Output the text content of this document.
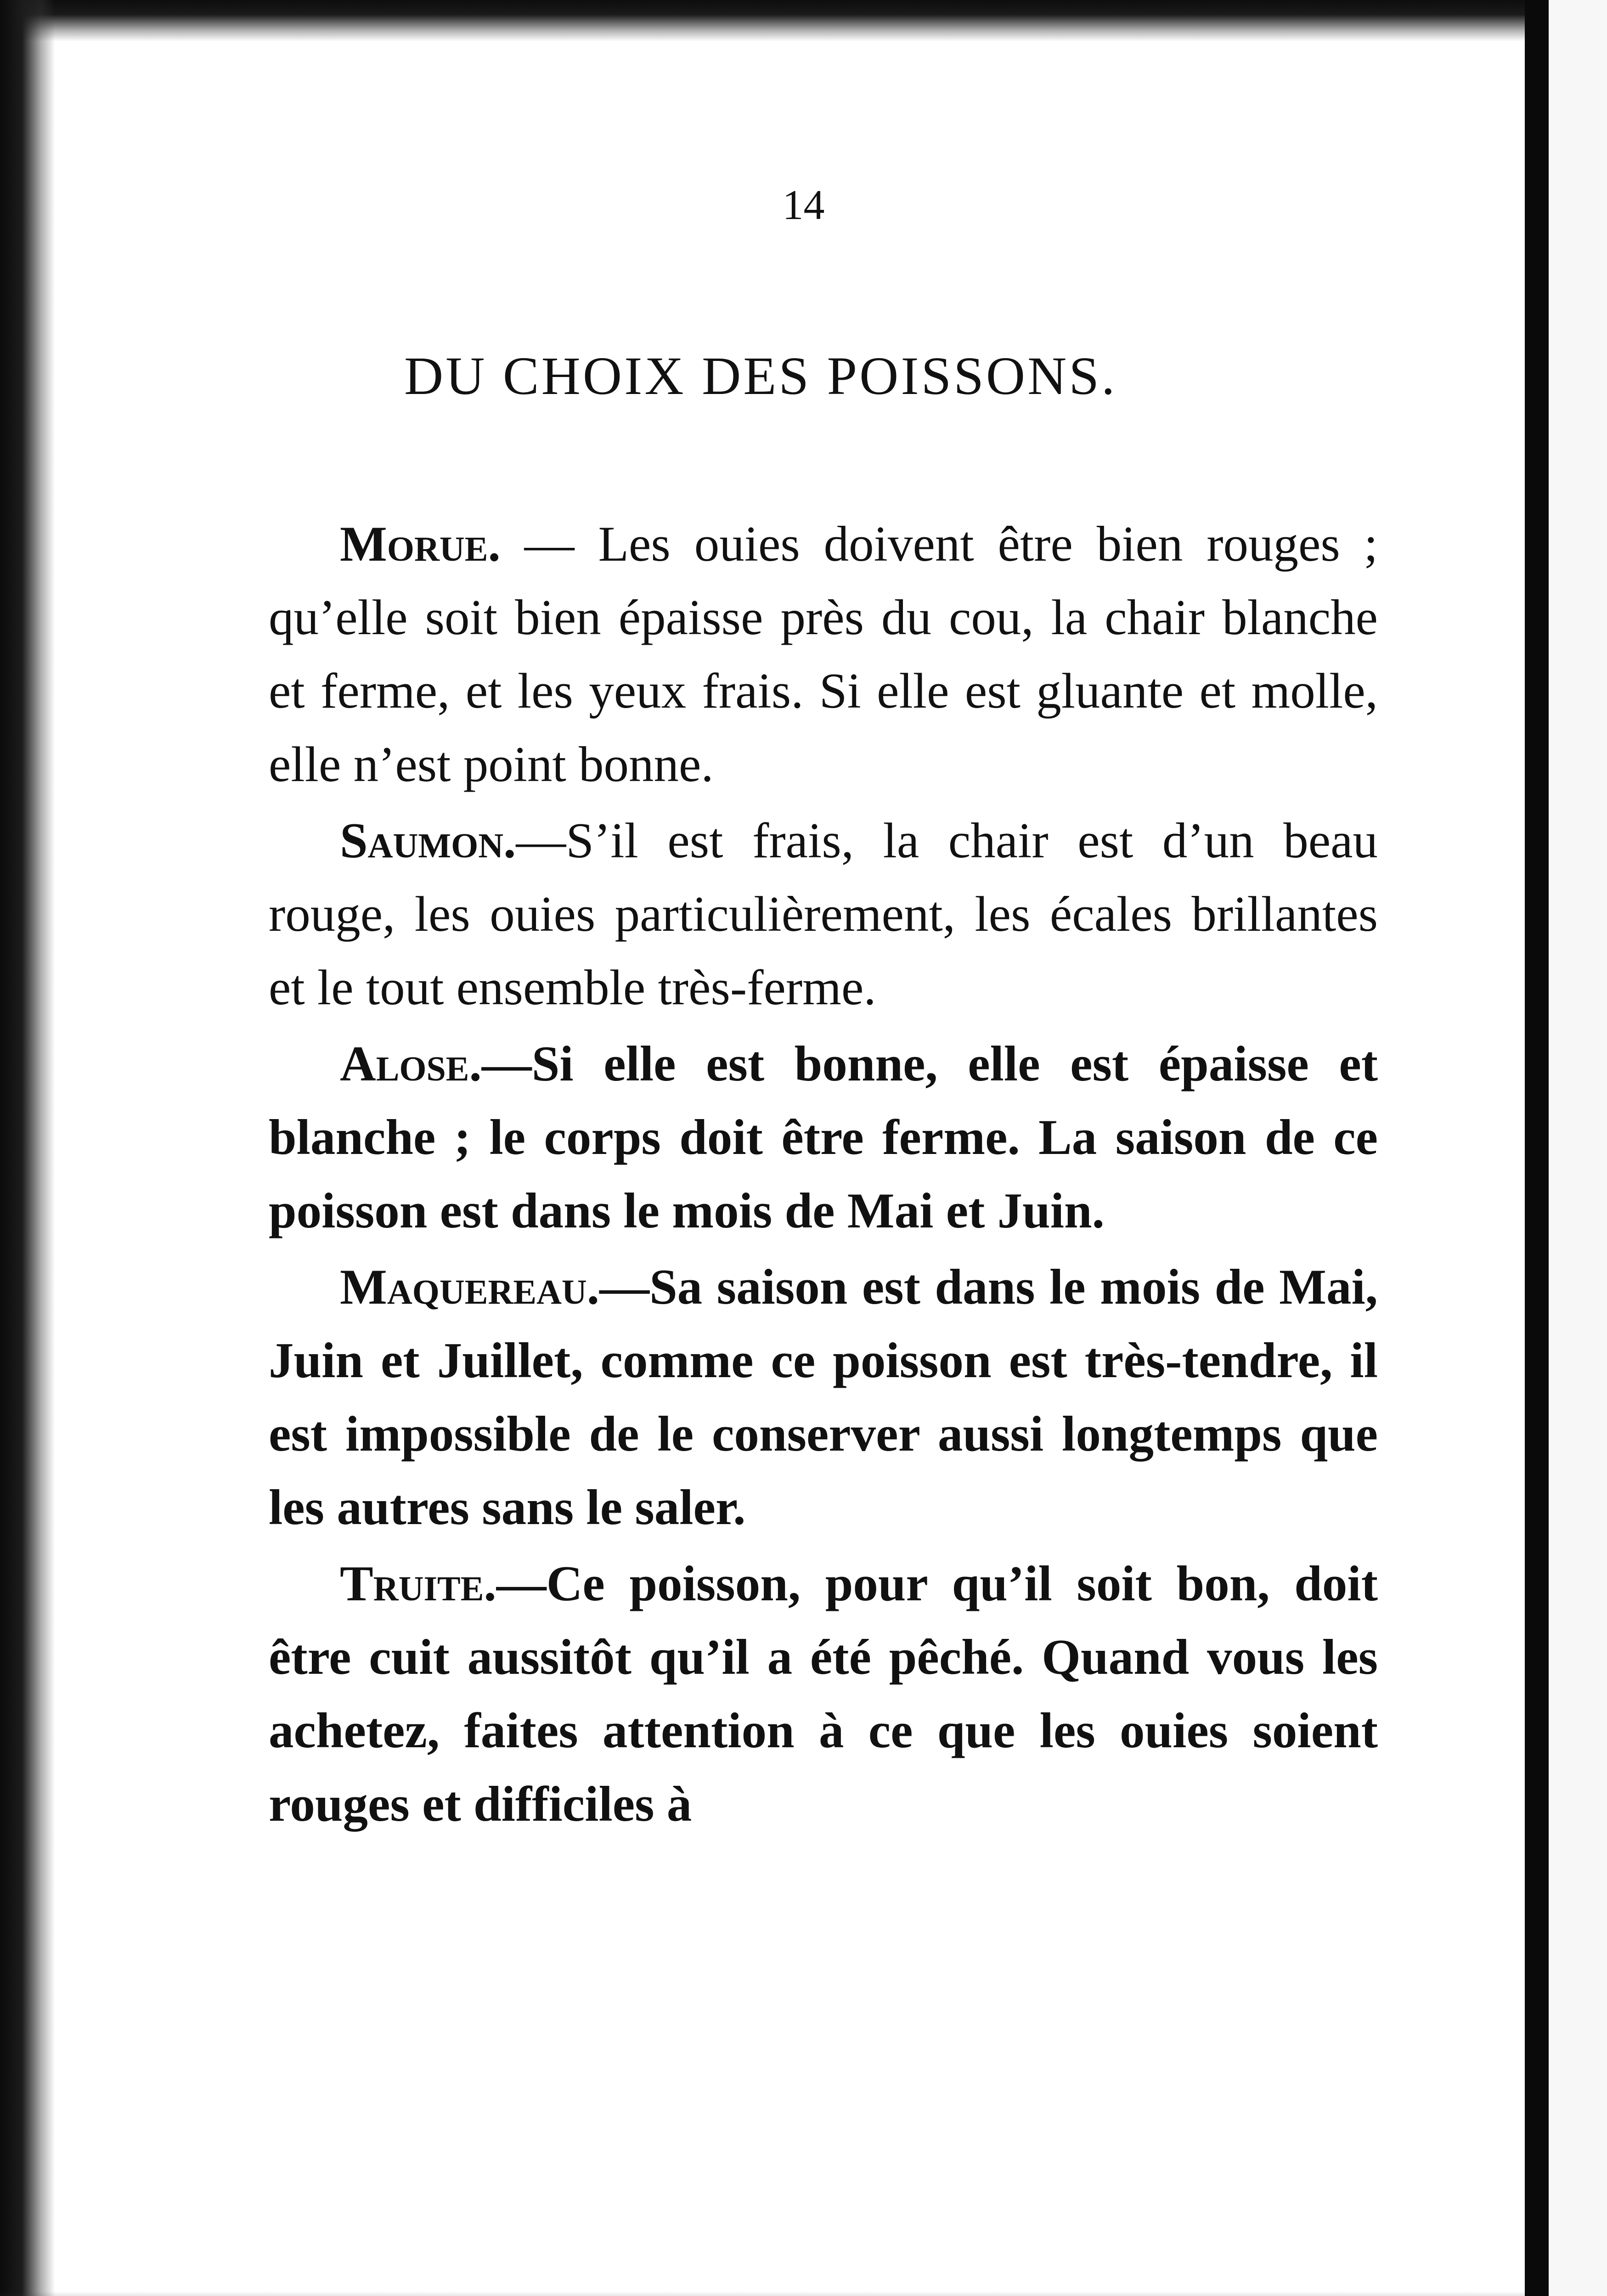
14
DU CHOIX DES POISSONS.

Morue. — Les ouies doivent être bien rouges ; qu’elle soit bien épaisse près du cou, la chair blanche et ferme, et les yeux frais. Si elle est gluante et molle, elle n’est point bonne.

Saumon.—S’il est frais, la chair est d’un beau rouge, les ouies particulièrement, les écales brillantes et le tout ensemble très-ferme.

Alose.—Si elle est bonne, elle est épaisse et blanche ; le corps doit être ferme. La saison de ce poisson est dans le mois de Mai et Juin.

Maquereau.—Sa saison est dans le mois de Mai, Juin et Juillet, comme ce poisson est très-tendre, il est impossible de le conserver aussi longtemps que les autres sans le saler.

Truite.—Ce poisson, pour qu’il soit bon, doit être cuit aussitôt qu’il a été pêché. Quand vous les achetez, faites attention à ce que les ouies soient rouges et difficiles à
